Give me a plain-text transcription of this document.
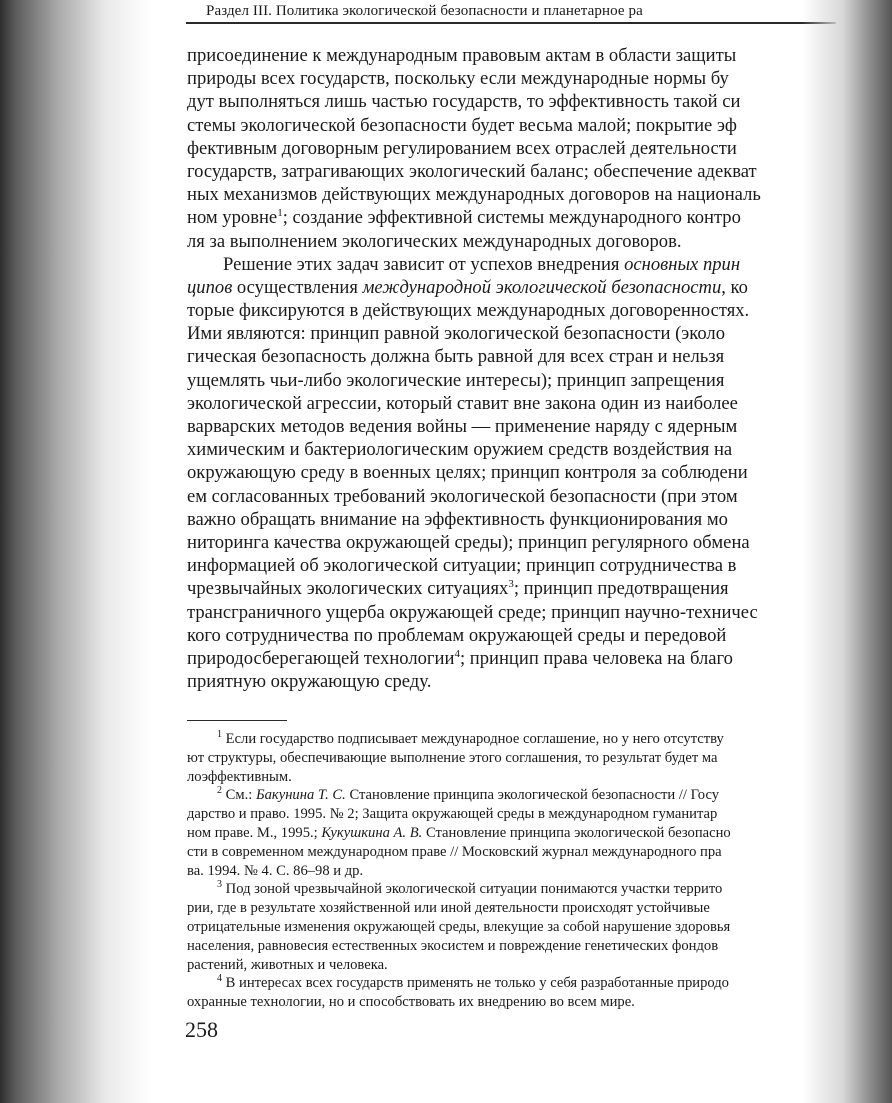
Раздел III. Политика экологической безопасности и планетарное ра
присоединение к международным правовым актам в области защиты
природы всех государств, поскольку если международные нормы бу
дут выполняться лишь частью государств, то эффективность такой си
стемы экологической безопасности будет весьма малой; покрытие эф
фективным договорным регулированием всех отраслей деятельности
государств, затрагивающих экологический баланс; обеспечение адекват
ных механизмов действующих международных договоров на националь
ном уровне$^1$; создание эффективной системы международного контро
ля за выполнением экологических международных договоров.
Решение этих задач зависит от успехов внедрения основных прин
ципов осуществления международной экологической безопасности, ко
торые фиксируются в действующих международных договоренностях.
Ими являются: принцип равной экологической безопасности (эколо
гическая безопасность должна быть равной для всех стран и нельзя
ущемлять чьи-либо экологические интересы); принцип запрещения
экологической агрессии, который ставит вне закона один из наиболее
варварских методов ведения войны — применение наряду с ядерным
химическим и бактериологическим оружием средств воздействия на
окружающую среду в военных целях; принцип контроля за соблюдени
ем согласованных требований экологической безопасности (при этом
важно обращать внимание на эффективность функционирования мо
ниторинга качества окружающей среды); принцип регулярного обмена
информацией об экологической ситуации; принцип сотрудничества в
чрезвычайных экологических ситуациях$^3$; принцип предотвращения
трансграничного ущерба окружающей среде; принцип научно-техничес
кого сотрудничества по проблемам окружающей среды и передовой
природосберегающей технологии$^4$; принцип права человека на благо
приятную окружающую среду.
$^1$ Если государство подписывает международное соглашение, но у него отсутству
ют структуры, обеспечивающие выполнение этого соглашения, то результат будет ма
лоэффективным.
$^2$ См.: Бакунина Т. С. Становление принципа экологической безопасности // Госу
дарство и право. 1995. № 2; Защита окружающей среды в международном гуманитар
ном праве. М., 1995.; Кукушкина А. В. Становление принципа экологической безопасно
сти в современном международном праве // Московский журнал международного пра
ва. 1994. № 4. С. 86–98 и др.
$^3$ Под зоной чрезвычайной экологической ситуации понимаются участки террито
рии, где в результате хозяйственной или иной деятельности происходят устойчивые
отрицательные изменения окружающей среды, влекущие за собой нарушение здоровья
населения, равновесия естественных экосистем и повреждение генетических фондов
растений, животных и человека.
$^4$ В интересах всех государств применять не только у себя разработанные природо
охранные технологии, но и способствовать их внедрению во всем мире.
258
